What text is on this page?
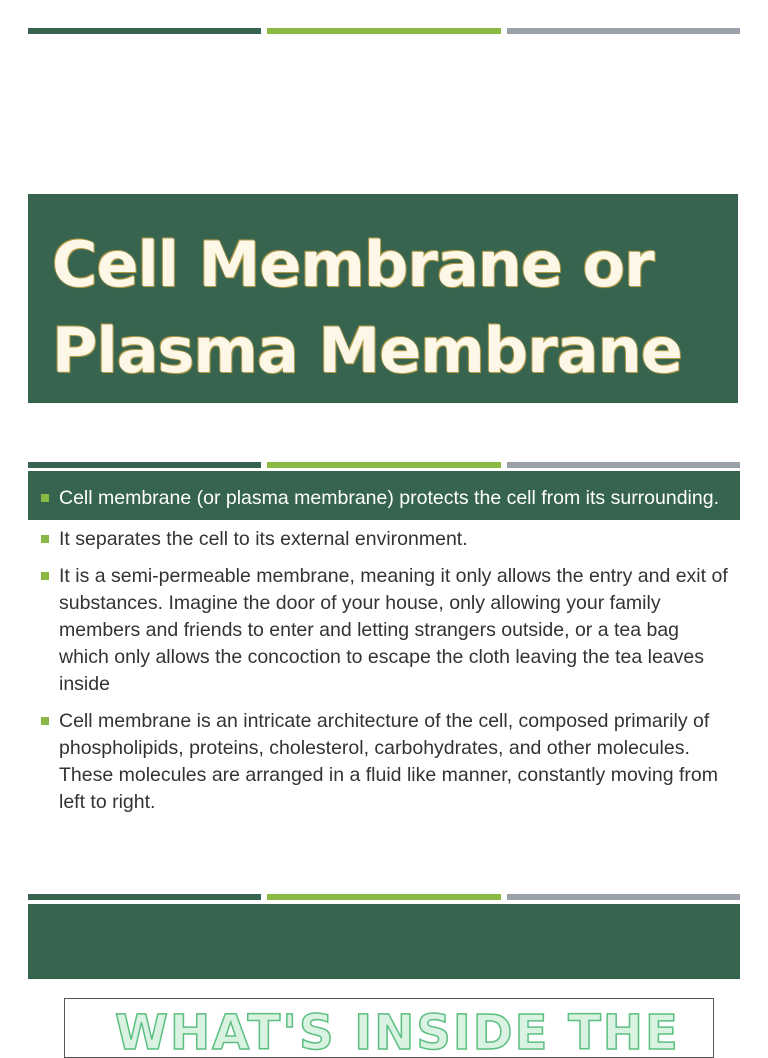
Cell Membrane or
Plasma Membrane
Cell membrane (or plasma membrane) protects the cell from its surrounding.
It separates the cell to its external environment.
It is a semi-permeable membrane, meaning it only allows the entry and exit of substances. Imagine the door of your house, only allowing your family members and friends to enter and letting strangers outside, or a tea bag which only allows the concoction to escape the cloth leaving the tea leaves inside
Cell membrane is an intricate architecture of the cell, composed primarily of phospholipids, proteins, cholesterol, carbohydrates, and other molecules. These molecules are arranged in a fluid like manner, constantly moving from left to right.
WHAT'S INSIDE THE
